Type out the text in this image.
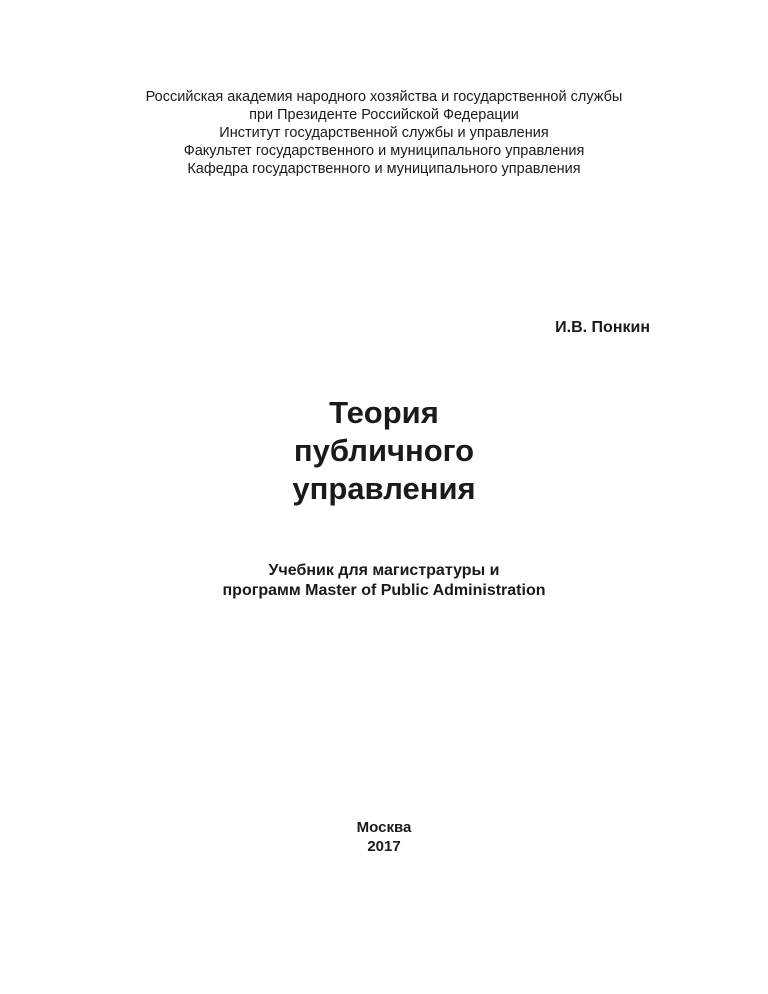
Российская академия народного хозяйства и государственной службы
при Президенте Российской Федерации
Институт государственной службы и управления
Факультет государственного и муниципального управления
Кафедра государственного и муниципального управления
И.В. Понкин
Теория
публичного
управления
Учебник для магистратуры и
программ Master of Public Administration
Москва
2017
